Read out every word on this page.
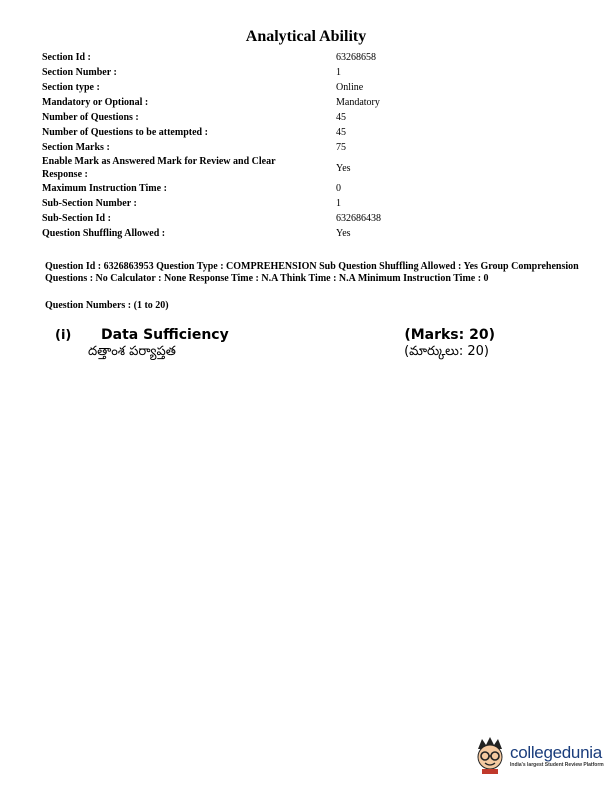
Analytical Ability
Section Id :	63268658
Section Number :	1
Section type :	Online
Mandatory or Optional :	Mandatory
Number of Questions :	45
Number of Questions to be attempted :	45
Section Marks :	75
Enable Mark as Answered Mark for Review and Clear Response :
Yes
Maximum Instruction Time :	0
Sub-Section Number :	1
Sub-Section Id :	632686438
Question Shuffling Allowed :	Yes
Question Id : 6326863953 Question Type : COMPREHENSION Sub Question Shuffling Allowed : Yes Group Comprehension Questions : No Calculator : None Response Time : N.A Think Time : N.A Minimum Instruction Time : 0
Question Numbers : (1 to 20)
(i)	Data Sufficiency	(Marks: 20)
దత్తాంశ పర్యాప్తత	(మార్కులు: 20)
collegedunia
India's largest Student Review Platform
